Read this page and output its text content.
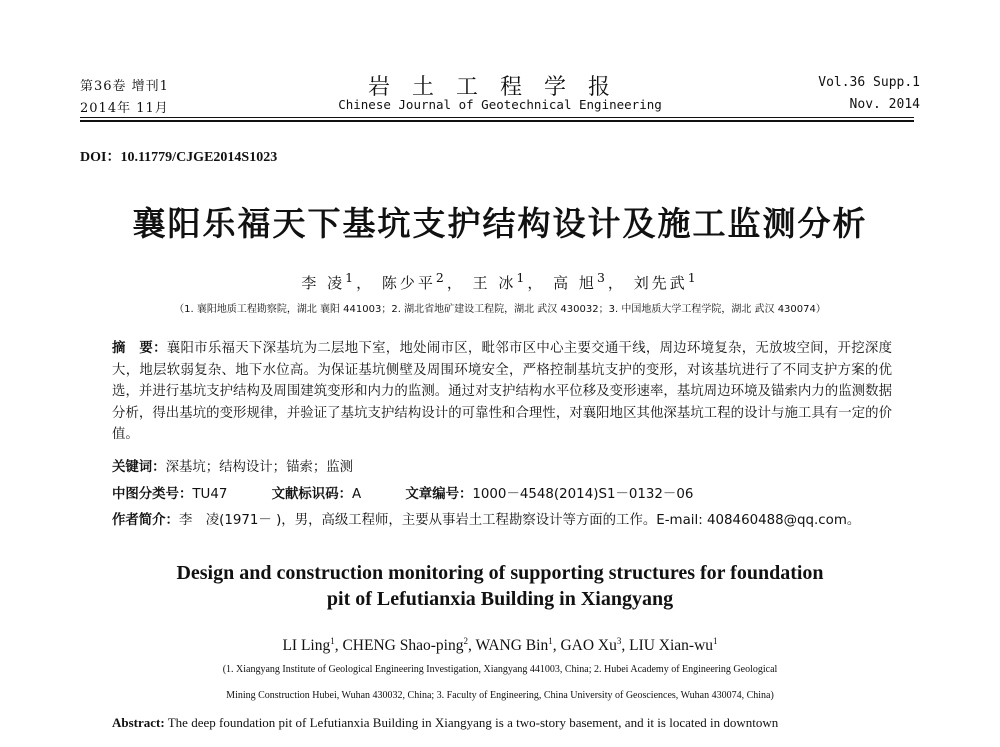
第36卷 增刊1
2014年 11月
岩土工程学报
Chinese Journal of Geotechnical Engineering
Vol.36 Supp.1
Nov. 2014
DOI：10.11779/CJGE2014S1023
襄阳乐福天下基坑支护结构设计及施工监测分析
李 凌$^1$， 陈少平$^2$， 王 冰$^1$， 高 旭$^3$， 刘先武$^1$
（1. 襄阳地质工程勘察院，湖北 襄阳 441003；2. 湖北省地矿建设工程院，湖北 武汉 430032；3. 中国地质大学工程学院，湖北 武汉 430074）
摘　要：襄阳市乐福天下深基坑为二层地下室，地处闹市区，毗邻市区中心主要交通干线，周边环境复杂，无放坡空间，开挖深度大，地层软弱复杂、地下水位高。为保证基坑侧壁及周围环境安全，严格控制基坑支护的变形，对该基坑进行了不同支护方案的优选，并进行基坑支护结构及周围建筑变形和内力的监测。通过对支护结构水平位移及变形速率，基坑周边环境及锚索内力的监测数据分析，得出基坑的变形规律，并验证了基坑支护结构设计的可靠性和合理性，对襄阳地区其他深基坑工程的设计与施工具有一定的价值。
关键词：深基坑；结构设计；锚索；监测
中图分类号：TU47	文献标识码：A	文章编号：1000－4548(2014)S1－0132－06
作者简介：李　凌(1971－ )，男，高级工程师，主要从事岩土工程勘察设计等方面的工作。E-mail: 408460488@qq.com。
Design and construction monitoring of supporting structures for foundation
pit of Lefutianxia Building in Xiangyang
LI Ling$^1$, CHENG Shao-ping$^2$, WANG Bin$^1$, GAO Xu$^3$, LIU Xian-$wu^1$
(1. Xiangyang Institute of Geological Engineering Investigation, Xiangyang 441003, China; 2. Hubei Academy of Engineering Geological
Mining Construction Hubei, Wuhan 430032, China; 3. Faculty of Engineering, China University of Geosciences, Wuhan 430074, China)
Abstract: The deep foundation pit of Lefutianxia Building in Xiangyang is a two-story basement, and it is located in downtown
